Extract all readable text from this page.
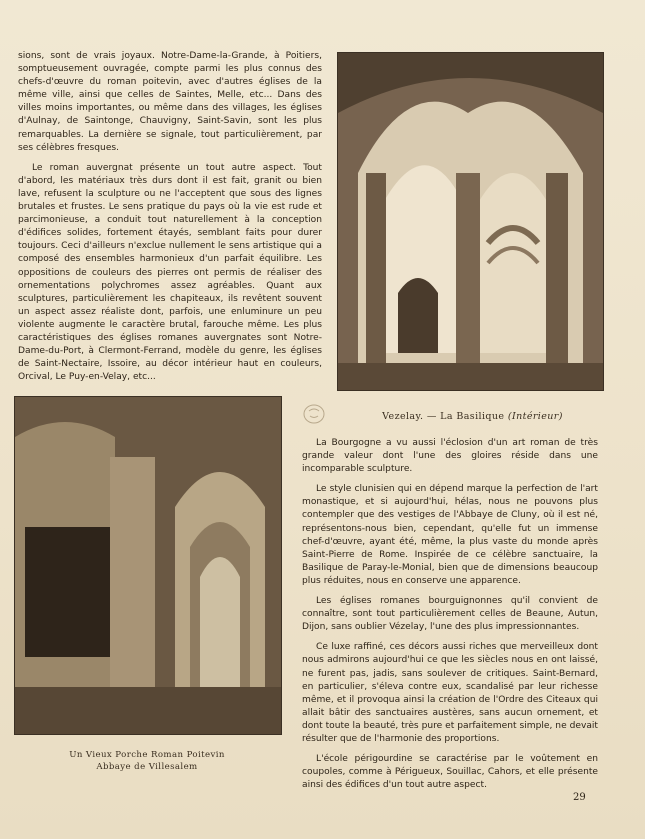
sions, sont de vrais joyaux. Notre-Dame-la-Grande, à Poitiers, somptueusement ouvragée, compte parmi les plus connus des chefs-d'œuvre du roman poitevin, avec d'autres églises de la même ville, ainsi que celles de Saintes, Melle, etc... Dans des villes moins importantes, ou même dans des villages, les églises d'Aulnay, de Saintonge, Chauvigny, Saint-Savin, sont les plus remarquables. La dernière se signale, tout particulièrement, par ses célèbres fresques.

Le roman auvergnat présente un tout autre aspect. Tout d'abord, les matériaux très durs dont il est fait, granit ou bien lave, refusent la sculpture ou ne l'acceptent que sous des lignes brutales et frustes. Le sens pratique du pays où la vie est rude et parcimonieuse, a conduit tout naturellement à la conception d'édifices solides, fortement étayés, semblant faits pour durer toujours. Ceci d'ailleurs n'exclue nullement le sens artistique qui a composé des ensembles harmonieux d'un parfait équilibre. Les oppositions de couleurs des pierres ont permis de réaliser des ornementations polychromes assez agréables. Quant aux sculptures, particulièrement les chapiteaux, ils revêtent souvent un aspect assez réaliste dont, parfois, une enluminure un peu violente augmente le caractère brutal, farouche même. Les plus caractéristiques des églises romanes auvergnates sont Notre-Dame-du-Port, à Clermont-Ferrand, modèle du genre, les églises de Saint-Nectaire, Issoire, au décor intérieur haut en couleurs, Orcival, Le Puy-en-Velay, etc...

Vezelay. — La Basilique (Intérieur)

La Bourgogne a vu aussi l'éclosion d'un art roman de très grande valeur dont l'une des gloires réside dans une incomparable sculpture.

Le style clunisien qui en dépend marque la perfection de l'art monastique, et si aujourd'hui, hélas, nous ne pouvons plus contempler que des vestiges de l'Abbaye de Cluny, où il est né, représentons-nous bien, cependant, qu'elle fut un immense chef-d'œuvre, ayant été, même, la plus vaste du monde après Saint-Pierre de Rome. Inspirée de ce célèbre sanctuaire, la Basilique de Paray-le-Monial, bien que de dimensions beaucoup plus réduites, nous en conserve une apparence.

Les églises romanes bourguignonnes qu'il convient de connaître, sont tout particulièrement celles de Beaune, Autun, Dijon, sans oublier Vézelay, l'une des plus impressionnantes.

Ce luxe raffiné, ces décors aussi riches que merveilleux dont nous admirons aujourd'hui ce que les siècles nous en ont laissé, ne furent pas, jadis, sans soulever de critiques. Saint-Bernard, en particulier, s'éleva contre eux, scandalisé par leur richesse même, et il provoqua ainsi la création de l'Ordre des Citeaux qui allait bâtir des sanctuaires austères, sans aucun ornement, et dont toute la beauté, très pure et parfaitement simple, ne devait résulter que de l'harmonie des proportions.

L'école périgourdine se caractérise par le voûtement en coupoles, comme à Périgueux, Souillac, Cahors, et elle présente ainsi des édifices d'un tout autre aspect.

Un Vieux Porche Roman Poitevin
Abbaye de Villesalem
29
